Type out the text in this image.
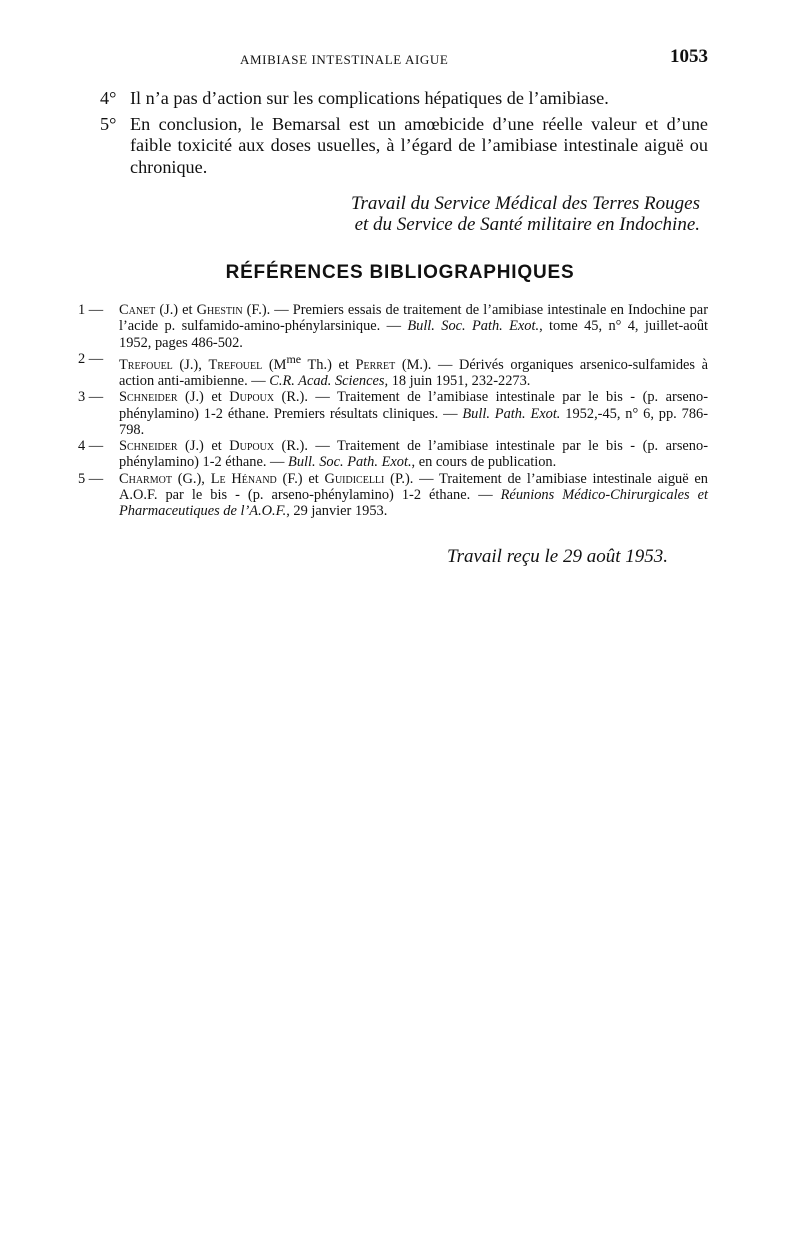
AMIBIASE INTESTINALE AIGUE	1053
4° Il n’a pas d’action sur les complications hépatiques de l’amibiase.
5° En conclusion, le Bemarsal est un amœbicide d’une réelle valeur et d’une faible toxicité aux doses usuelles, à l’égard de l’amibiase intestinale aiguë ou chronique.
Travail du Service Médical des Terres Rouges
et du Service de Santé militaire en Indochine.
RÉFÉRENCES BIBLIOGRAPHIQUES
1 —	Canet (J.) et Ghestin (F.). — Premiers essais de traitement de l’amibiase intestinale en Indochine par l’acide p. sulfamido-amino-phénylarsinique. — Bull. Soc. Path. Exot., tome 45, n° 4, juillet-août 1952, pages 486-502.
2 —	Trefouel (J.), Trefouel ($M^{me}$ Th.) et Perret (M.). — Dérivés organiques arsenico-sulfamides à action anti-amibienne. — C.R. Acad. Sciences, 18 juin 1951, 232-2273.
3 —	Schneider (J.) et Dupoux (R.). — Traitement de l’amibiase intestinale par le bis - (p. arseno-phénylamino) 1-2 éthane. Premiers résultats cliniques. — Bull. Path. Exot. 1952,-45, n° 6, pp. 786-798.
4 —	Schneider (J.) et Dupoux (R.). — Traitement de l’amibiase intestinale par le bis - (p. arseno-phénylamino) 1-2 éthane. — Bull. Soc. Path. Exot., en cours de publication.
5 —	Charmot (G.), Le Hénand (F.) et Guidicelli (P.). — Traitement de l’amibiase intestinale aiguë en A.O.F. par le bis - (p. arseno-phénylamino) 1-2 éthane. — Réunions Médico-Chirurgicales et Pharmaceutiques de l’A.O.F., 29 janvier 1953.
Travail reçu le 29 août 1953.
